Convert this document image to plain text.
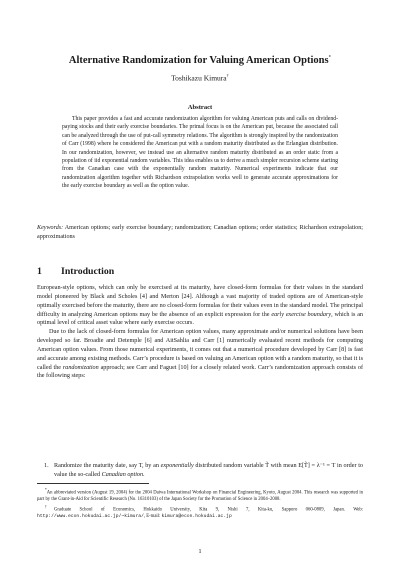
Alternative Randomization for Valuing American Options*
Toshikazu Kimura†
Abstract

This paper provides a fast and accurate randomization algorithm for valuing American puts and calls on dividend-paying stocks and their early exercise boundaries. The primal focus is on the American put, because the associated call can be analyzed through the use of put-call symmetry relations. The algorithm is strongly inspired by the randomization of Carr (1998) where he considered the American put with a random maturity distributed as the Erlangian distribution. In our randomization, however, we instead use an alternative random maturity distributed as an order static from a population of iid exponential random variables. This idea enables us to derive a much simpler recursion scheme starting from the Canadian case with the exponentially random maturity. Numerical experiments indicate that our randomization algorithm together with Richardson extrapolation works well to generate accurate approximations for the early exercise boundary as well as the option value.

Keywords: American options; early exercise boundary; randomization; Canadian options; order statistics; Richardson extrapolation; approximations
1 Introduction

European-style options, which can only be exercised at its maturity, have closed-form formulas for their values in the standard model pioneered by Black and Scholes [4] and Merton [24]. Although a vast majority of traded options are of American-style optimally exercised before the maturity, there are no closed-form formulas for their values even in the standard model. The principal difficulty in analyzing American options may be the absence of an explicit expression for the early exercise boundary, which is an optimal level of critical asset value where early exercise occurs.

Due to the lack of closed-form formulas for American option values, many approximate and/or numerical solutions have been developed so far. Broadie and Detemple [6] and AitSahlia and Carr [1] numerically evaluated recent methods for computing American option values. From those numerical experiments, it comes out that a numerical procedure developed by Carr [8] is fast and accurate among existing methods. Carr’s procedure is based on valuing an American option with a random maturity, so that it is called the randomization approach; see Carr and Faguet [10] for a closely related work. Carr’s randomization approach consists of the following steps:

1. Randomize the maturity date, say T, by an exponentially distributed random variable T̃ with mean E[T̃] = λ⁻¹ = T in order to value the so-called Canadian option.

*An abbreviated version (August 19, 2004) for the 2004 Daiwa International Workshop on Financial Engineering, Kyoto, August 2004. This research was supported in part by the Grant-in-Aid for Scientific Research (No. 16310103) of the Japan Society for the Promotion of Science in 2004–2008.

†Graduate School of Economics, Hokkaido University, Kita 9, Nishi 7, Kita-ku, Sapporo 060-0809, Japan. Web: http://www.econ.hokudai.ac.jp/~kimura/, E-mail: kimura@econ.hokudai.ac.jp

1
